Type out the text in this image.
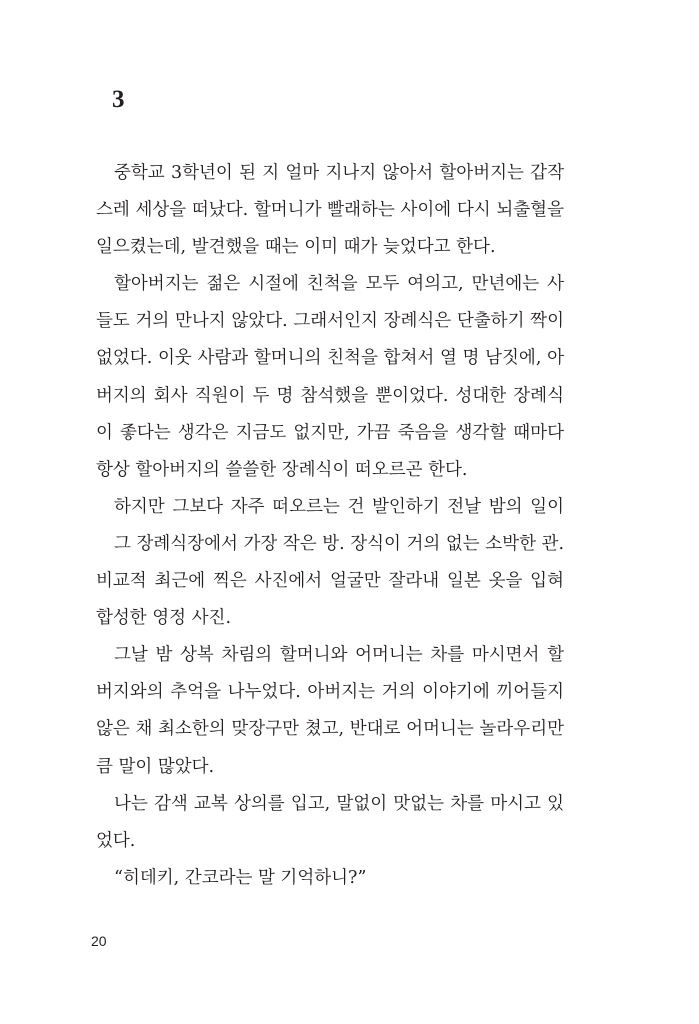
3
중학교 3학년이 된 지 얼마 지나지 않아서 할아버지는 갑작
스레 세상을 떠났다. 할머니가 빨래하는 사이에 다시 뇌출혈을
일으켰는데, 발견했을 때는 이미 때가 늦었다고 한다.
할아버지는 젊은 시절에 친척을 모두 여의고, 만년에는 사
들도 거의 만나지 않았다. 그래서인지 장례식은 단출하기 짝이
없었다. 이웃 사람과 할머니의 친척을 합쳐서 열 명 남짓에, 아
버지의 회사 직원이 두 명 참석했을 뿐이었다. 성대한 장례식
이 좋다는 생각은 지금도 없지만, 가끔 죽음을 생각할 때마다
항상 할아버지의 쓸쓸한 장례식이 떠오르곤 한다.
하지만 그보다 자주 떠오르는 건 발인하기 전날 밤의 일이
그 장례식장에서 가장 작은 방. 장식이 거의 없는 소박한 관.
비교적 최근에 찍은 사진에서 얼굴만 잘라내 일본 옷을 입혀
합성한 영정 사진.
그날 밤 상복 차림의 할머니와 어머니는 차를 마시면서 할
버지와의 추억을 나누었다. 아버지는 거의 이야기에 끼어들지
않은 채 최소한의 맞장구만 쳤고, 반대로 어머니는 놀라우리만
큼 말이 많았다.
나는 감색 교복 상의를 입고, 말없이 맛없는 차를 마시고 있
었다.
“히데키, 간코라는 말 기억하니?”
20
